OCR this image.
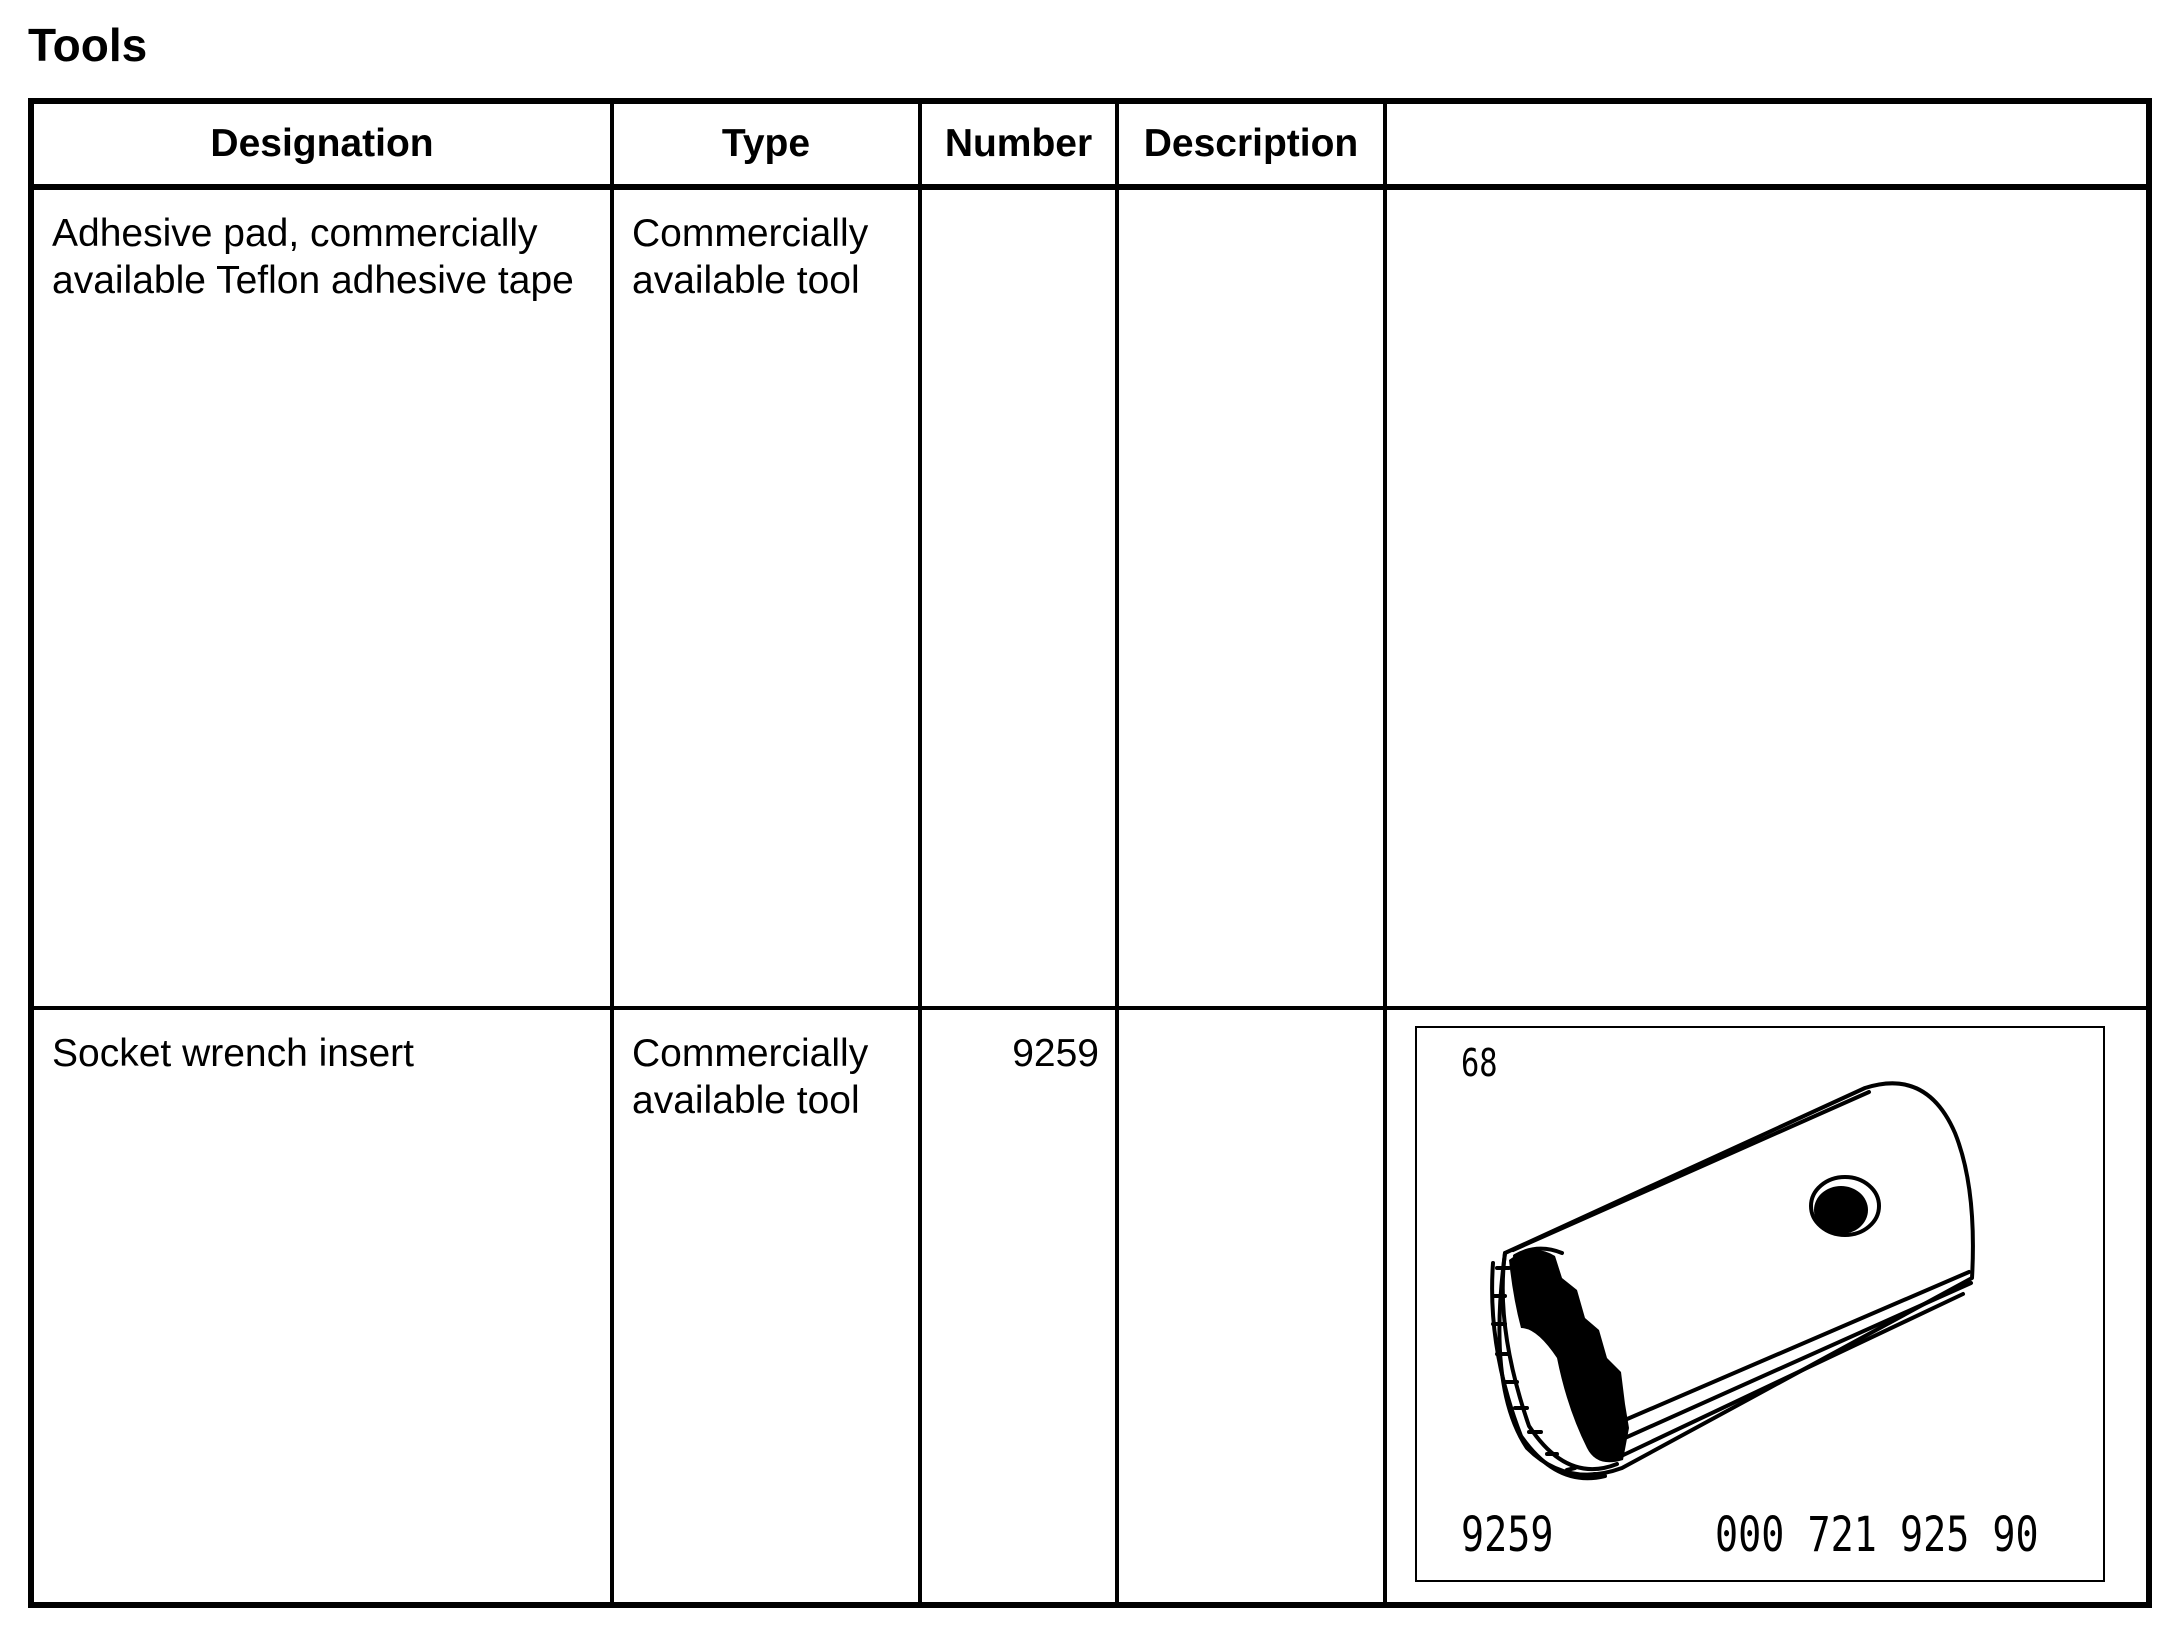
Tools
Designation	Type	Number	Description	

Adhesive pad, commercially available Teflon adhesive tape	Commercially available tool			

Socket wrench insert	Commercially available tool	9259		68
9259 000 721 925 90
